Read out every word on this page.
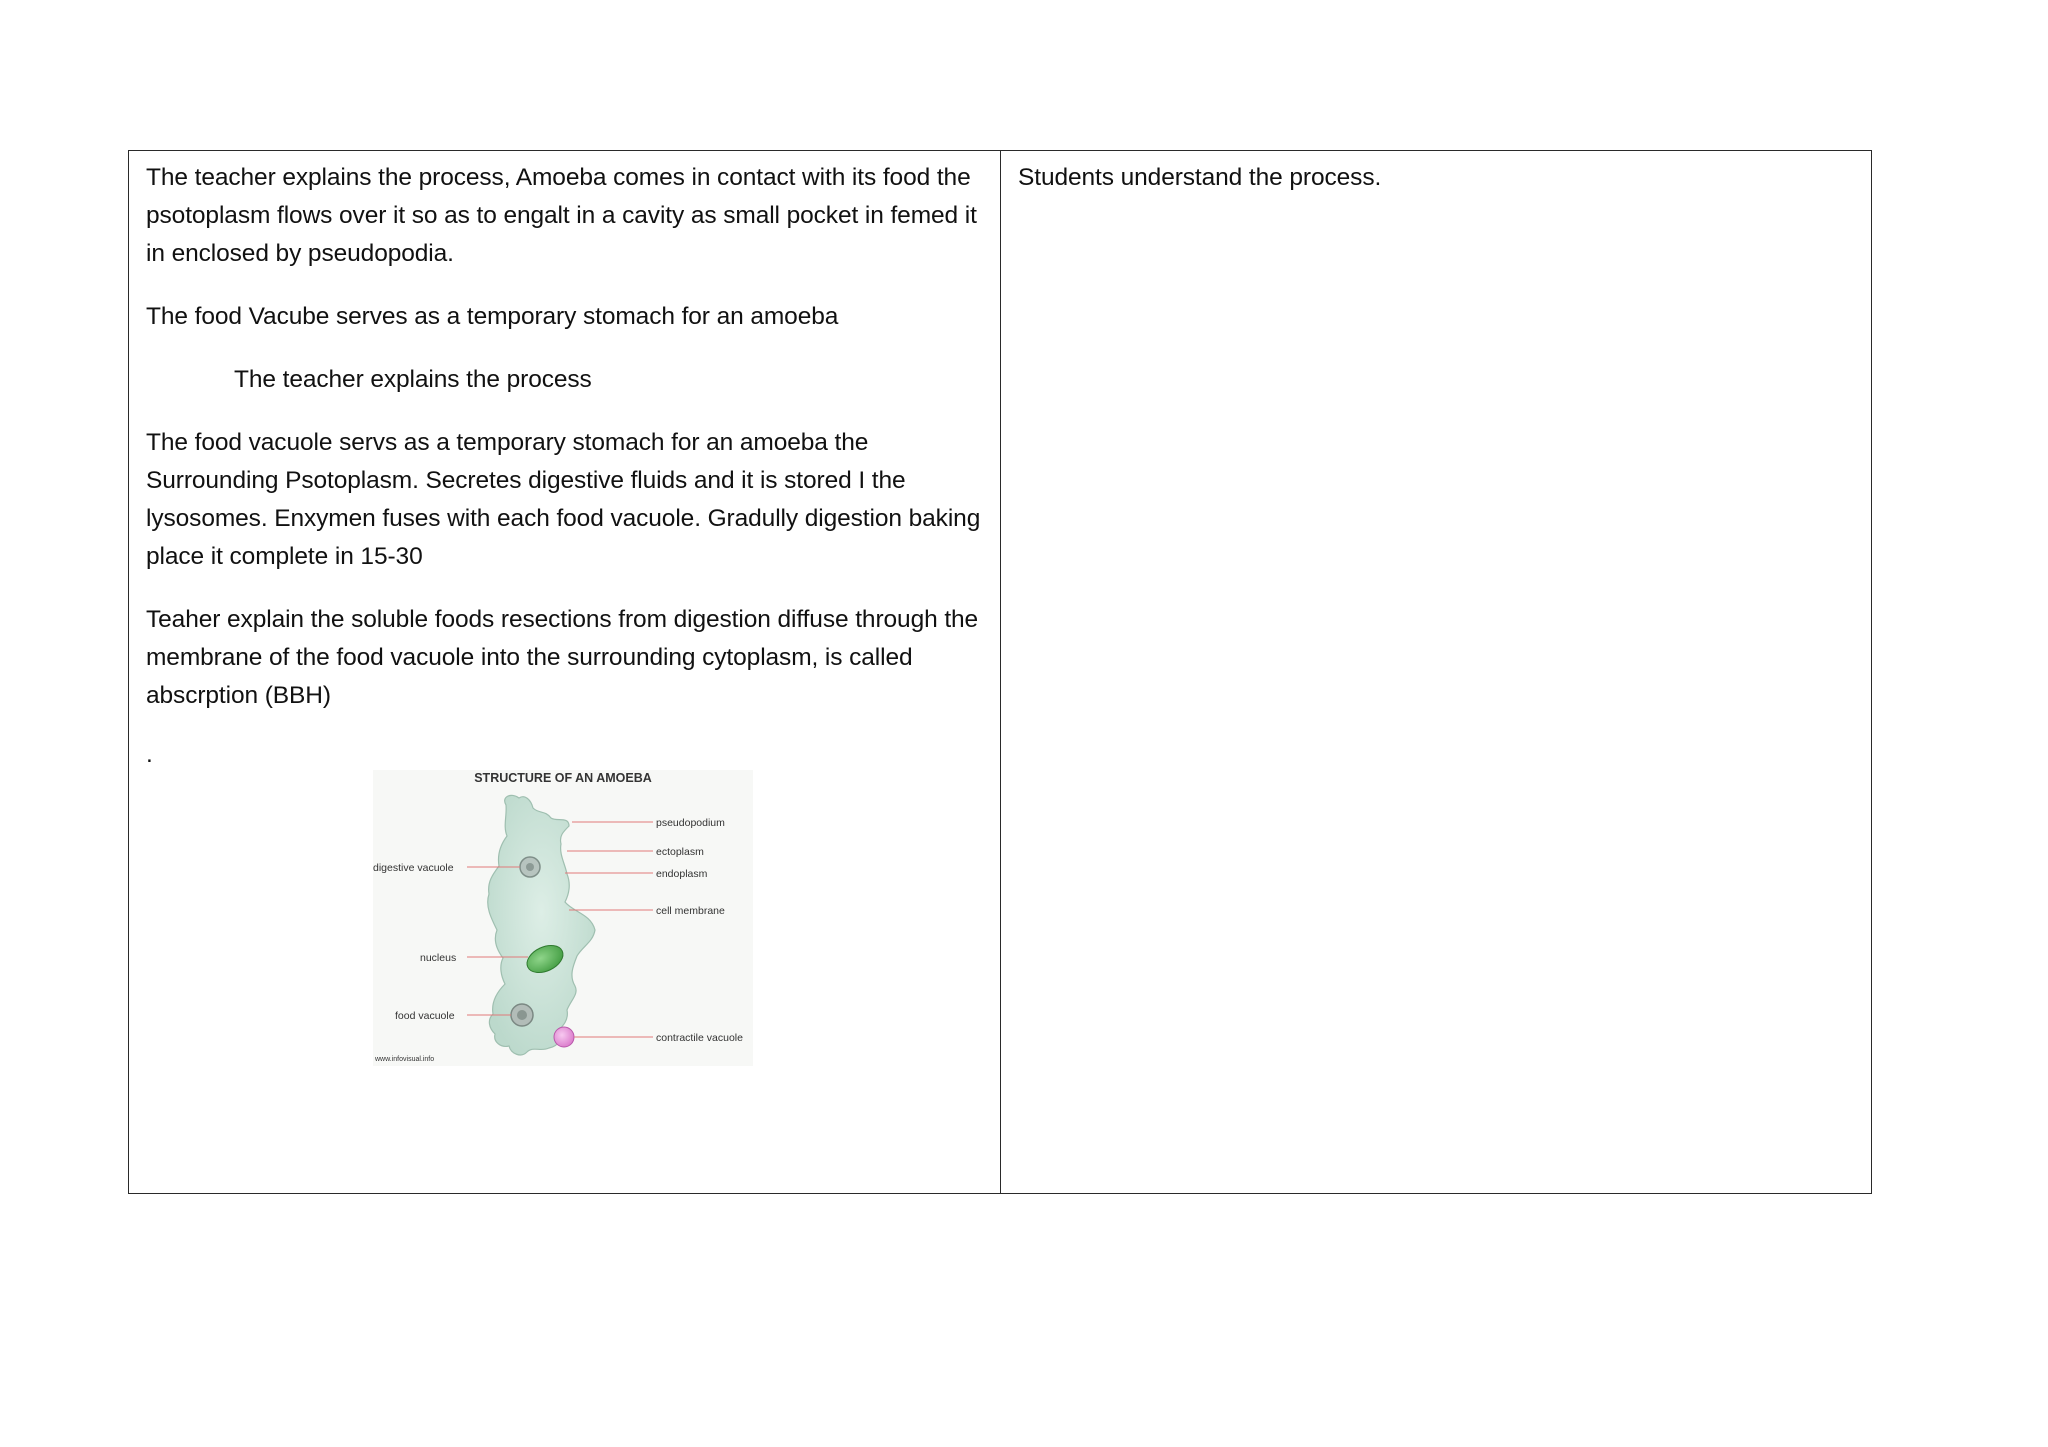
The teacher explains the process, Amoeba comes in contact with its food the psotoplasm flows over it so as to engalt in a cavity as small pocket in femed it in enclosed by pseudopodia.

The food Vacube serves as a temporary stomach for an amoeba

The teacher explains the process

The food vacuole servs as a temporary stomach for an amoeba the Surrounding Psotoplasm. Secretes digestive fluids and it is stored I the lysosomes. Enxymen fuses with each food vacuole. Gradully digestion baking place it complete in 15-30

Teaher explain the soluble foods resections from digestion diffuse through the membrane of the food vacuole into the surrounding cytoplasm, is called abscrption (BBH)

.

STRUCTURE OF AN AMOEBA
pseudopodium
ectoplasm
endoplasm
cell membrane
contractile vacuole
digestive vacuole
nucleus
food vacuole
www.infovisual.info

Students understand the process.
